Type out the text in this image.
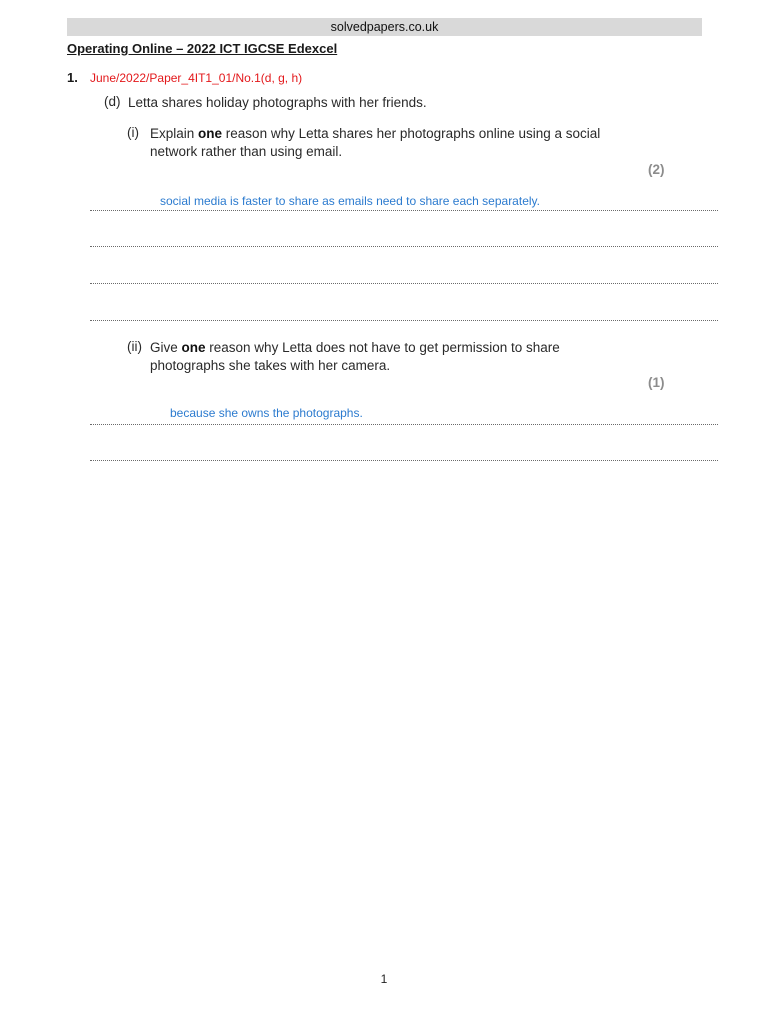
solvedpapers.co.uk
Operating Online – 2022 ICT IGCSE Edexcel
1. June/2022/Paper_4IT1_01/No.1(d, g, h)
(d) Letta shares holiday photographs with her friends.
(i) Explain one reason why Letta shares her photographs online using a social network rather than using email.
(2)
social media is faster to share as emails need to share each separately.
(ii) Give one reason why Letta does not have to get permission to share photographs she takes with her camera.
(1)
because she owns the photographs.
1
